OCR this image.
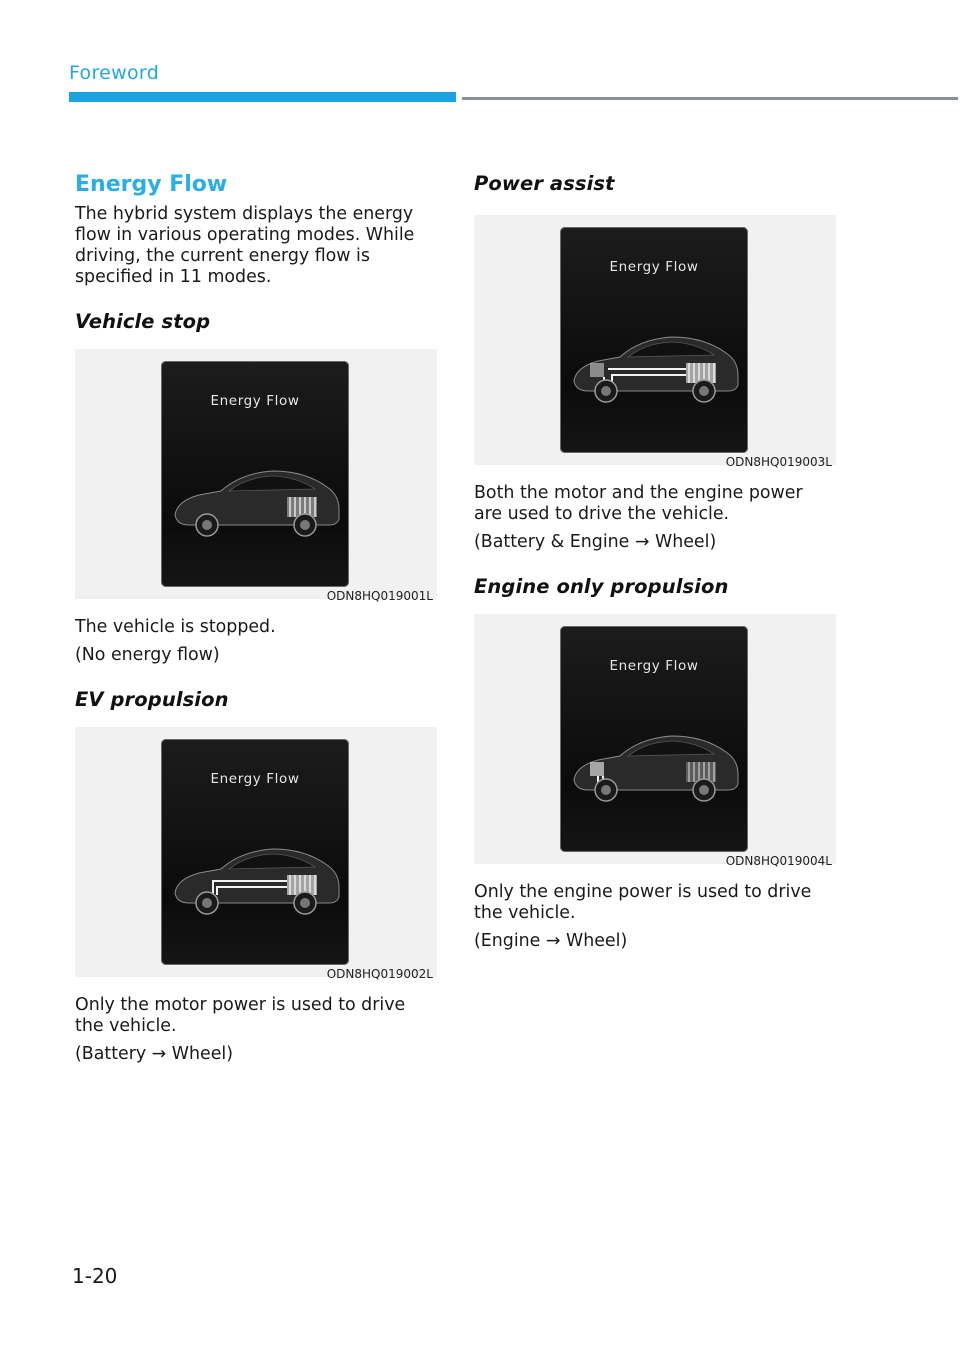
Foreword
Energy Flow

The hybrid system displays the energy flow in various operating modes. While driving, the current energy flow is specified in 11 modes.

Vehicle stop
Energy Flow
ODN8HQ019001L

The vehicle is stopped.

(No energy flow)

EV propulsion
Energy Flow
ODN8HQ019002L

Only the motor power is used to drive the vehicle.

(Battery → Wheel)

Power assist
Energy Flow
ODN8HQ019003L

Both the motor and the engine power are used to drive the vehicle.

(Battery & Engine → Wheel)

Engine only propulsion
Energy Flow
ODN8HQ019004L

Only the engine power is used to drive the vehicle.

(Engine → Wheel)

1-20
